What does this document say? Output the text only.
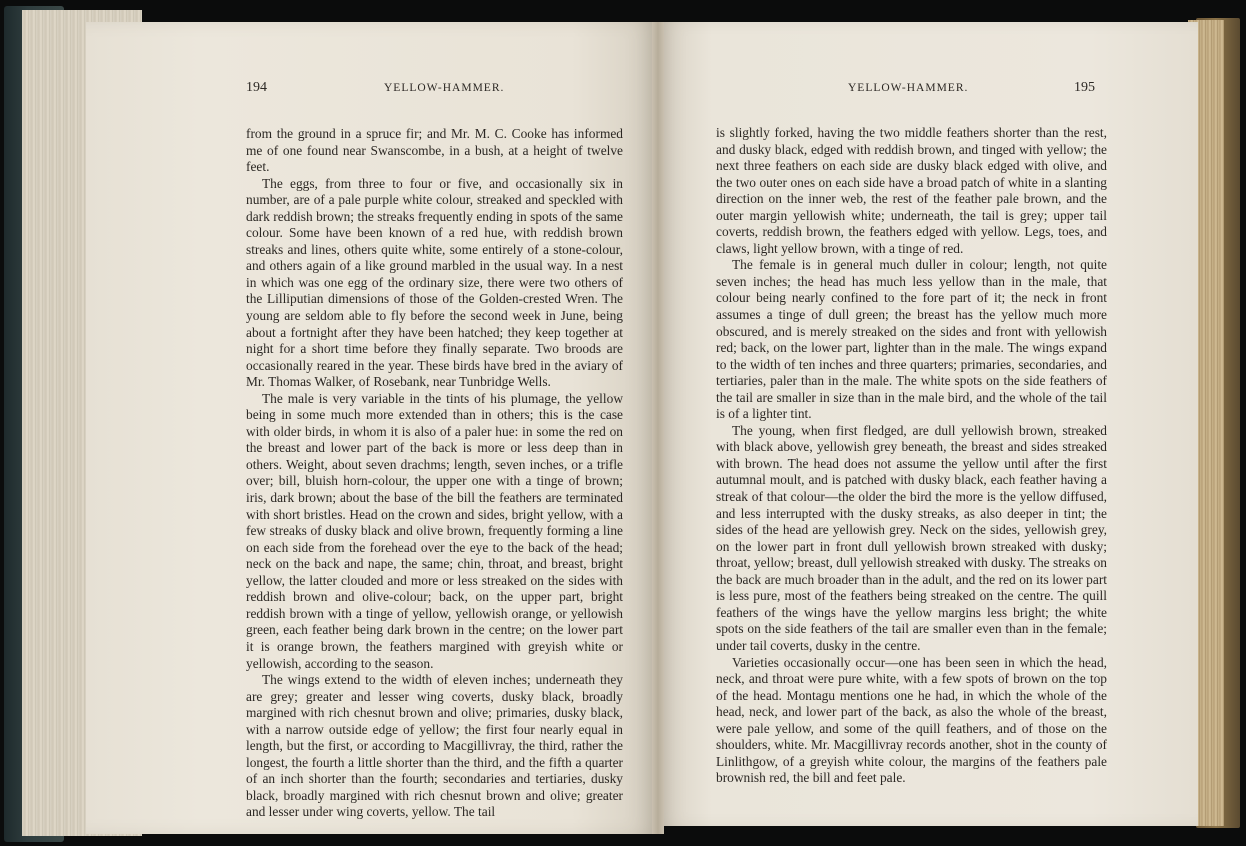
194	YELLOW-HAMMER.	YELLOW-HAMMER.	195

from the ground in a spruce fir; and Mr. M. C. Cooke has informed me of one found near Swanscombe, in a bush, at a height of twelve feet.

The eggs, from three to four or five, and occasionally six in number, are of a pale purple white colour, streaked and speckled with dark reddish brown; the streaks frequently ending in spots of the same colour. Some have been known of a red hue, with reddish brown streaks and lines, others quite white, some entirely of a stone-colour, and others again of a like ground marbled in the usual way. In a nest in which was one egg of the ordinary size, there were two others of the Lilliputian dimensions of those of the Golden-crested Wren. The young are seldom able to fly before the second week in June, being about a fortnight after they have been hatched; they keep together at night for a short time before they finally separate. Two broods are occasionally reared in the year. These birds have bred in the aviary of Mr. Thomas Walker, of Rosebank, near Tunbridge Wells.

The male is very variable in the tints of his plumage, the yellow being in some much more extended than in others; this is the case with older birds, in whom it is also of a paler hue: in some the red on the breast and lower part of the back is more or less deep than in others. Weight, about seven drachms; length, seven inches, or a trifle over; bill, bluish horn-colour, the upper one with a tinge of brown; iris, dark brown; about the base of the bill the feathers are terminated with short bristles. Head on the crown and sides, bright yellow, with a few streaks of dusky black and olive brown, frequently forming a line on each side from the forehead over the eye to the back of the head; neck on the back and nape, the same; chin, throat, and breast, bright yellow, the latter clouded and more or less streaked on the sides with reddish brown and olive-colour; back, on the upper part, bright reddish brown with a tinge of yellow, yellowish orange, or yellowish green, each feather being dark brown in the centre; on the lower part it is orange brown, the feathers margined with greyish white or yellowish, according to the season.

The wings extend to the width of eleven inches; underneath they are grey; greater and lesser wing coverts, dusky black, broadly margined with rich chesnut brown and olive; primaries, dusky black, with a narrow outside edge of yellow; the first four nearly equal in length, but the first, or according to Macgillivray, the third, rather the longest, the fourth a little shorter than the third, and the fifth a quarter of an inch shorter than the fourth; secondaries and tertiaries, dusky black, broadly margined with rich chesnut brown and olive; greater and lesser under wing coverts, yellow. The tail

is slightly forked, having the two middle feathers shorter than the rest, and dusky black, edged with reddish brown, and tinged with yellow; the next three feathers on each side are dusky black edged with olive, and the two outer ones on each side have a broad patch of white in a slanting direction on the inner web, the rest of the feather pale brown, and the outer margin yellowish white; underneath, the tail is grey; upper tail coverts, reddish brown, the feathers edged with yellow. Legs, toes, and claws, light yellow brown, with a tinge of red.

The female is in general much duller in colour; length, not quite seven inches; the head has much less yellow than in the male, that colour being nearly confined to the fore part of it; the neck in front assumes a tinge of dull green; the breast has the yellow much more obscured, and is merely streaked on the sides and front with yellowish red; back, on the lower part, lighter than in the male. The wings expand to the width of ten inches and three quarters; primaries, secondaries, and tertiaries, paler than in the male. The white spots on the side feathers of the tail are smaller in size than in the male bird, and the whole of the tail is of a lighter tint.

The young, when first fledged, are dull yellowish brown, streaked with black above, yellowish grey beneath, the breast and sides streaked with brown. The head does not assume the yellow until after the first autumnal moult, and is patched with dusky black, each feather having a streak of that colour—the older the bird the more is the yellow diffused, and less interrupted with the dusky streaks, as also deeper in tint; the sides of the head are yellowish grey. Neck on the sides, yellowish grey, on the lower part in front dull yellowish brown streaked with dusky; throat, yellow; breast, dull yellowish streaked with dusky. The streaks on the back are much broader than in the adult, and the red on its lower part is less pure, most of the feathers being streaked on the centre. The quill feathers of the wings have the yellow margins less bright; the white spots on the side feathers of the tail are smaller even than in the female; under tail coverts, dusky in the centre.

Varieties occasionally occur—one has been seen in which the head, neck, and throat were pure white, with a few spots of brown on the top of the head. Montagu mentions one he had, in which the whole of the head, neck, and lower part of the back, as also the whole of the breast, were pale yellow, and some of the quill feathers, and of those on the shoulders, white. Mr. Macgillivray records another, shot in the county of Linlithgow, of a greyish white colour, the margins of the feathers pale brownish red, the bill and feet pale.
